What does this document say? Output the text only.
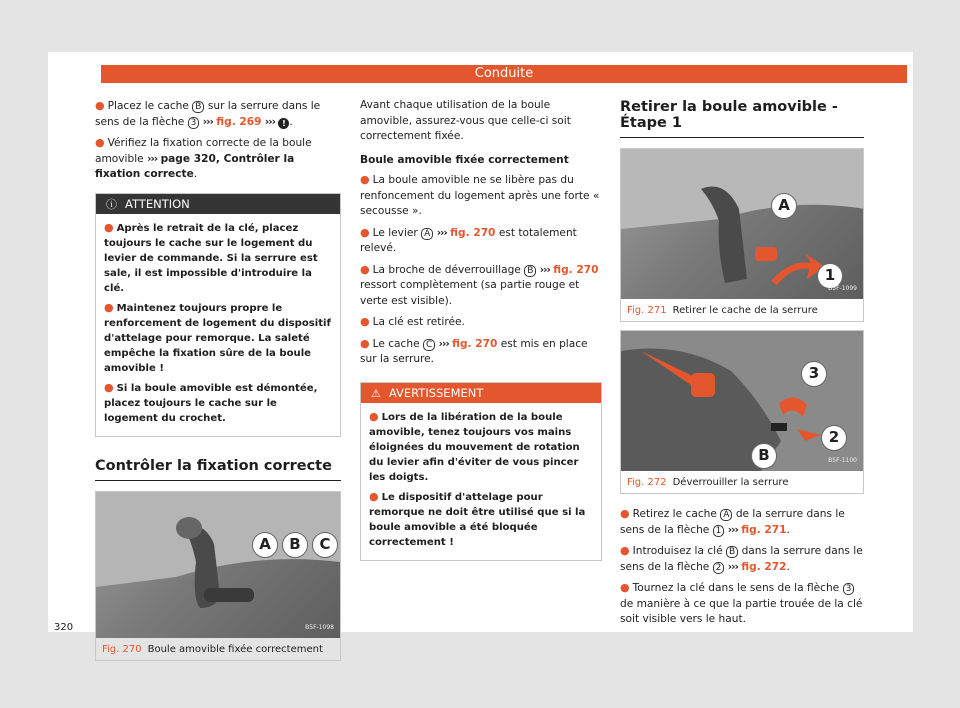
Conduite
● Placez le cache B sur la serrure dans le sens de la flèche 3 ››› fig. 269 ››› ! .
● Vérifiez la fixation correcte de la boule amovible ››› page 320, Contrôler la fixation correcte.
ⓘ ATTENTION

● Après le retrait de la clé, placez toujours le cache sur le logement du levier de commande. Si la serrure est sale, il est impossible d'introduire la clé.

● Maintenez toujours propre le renforcement de logement du dispositif d'attelage pour remorque. La saleté empêche la fixation sûre de la boule amovible !

● Si la boule amovible est démontée, placez toujours le cache sur le logement du crochet.

Contrôler la fixation correcte
A	B	C
B5F-1098
Fig. 270 Boule amovible fixée correctement

Avant chaque utilisation de la boule amovible, assurez-vous que celle-ci soit correctement fixée.

Boule amovible fixée correctement

● La boule amovible ne se libère pas du renfoncement du logement après une forte « secousse ».
● Le levier A ››› fig. 270 est totalement relevé.
● La broche de déverrouillage B ››› fig. 270 ressort complètement (sa partie rouge et verte est visible).
● La clé est retirée.
● Le cache C ››› fig. 270 est mis en place sur la serrure.
⚠ AVERTISSEMENT

● Lors de la libération de la boule amovible, tenez toujours vos mains éloignées du mouvement de rotation du levier afin d'éviter de vous pincer les doigts.

● Le dispositif d'attelage pour remorque ne doit être utilisé que si la boule amovible a été bloquée correctement !

Retirer la boule amovible - Étape 1
A
1
B5F-1099
Fig. 271 Retirer le cache de la serrure
3
2
B	B5F-1100
Fig. 272 Déverrouiller la serrure
● Retirez le cache A de la serrure dans le sens de la flèche 1 ››› fig. 271.
● Introduisez la clé B dans la serrure dans le sens de la flèche 2 ››› fig. 272.
● Tournez la clé dans le sens de la flèche 3 de manière à ce que la partie trouée de la clé soit visible vers le haut.
320
